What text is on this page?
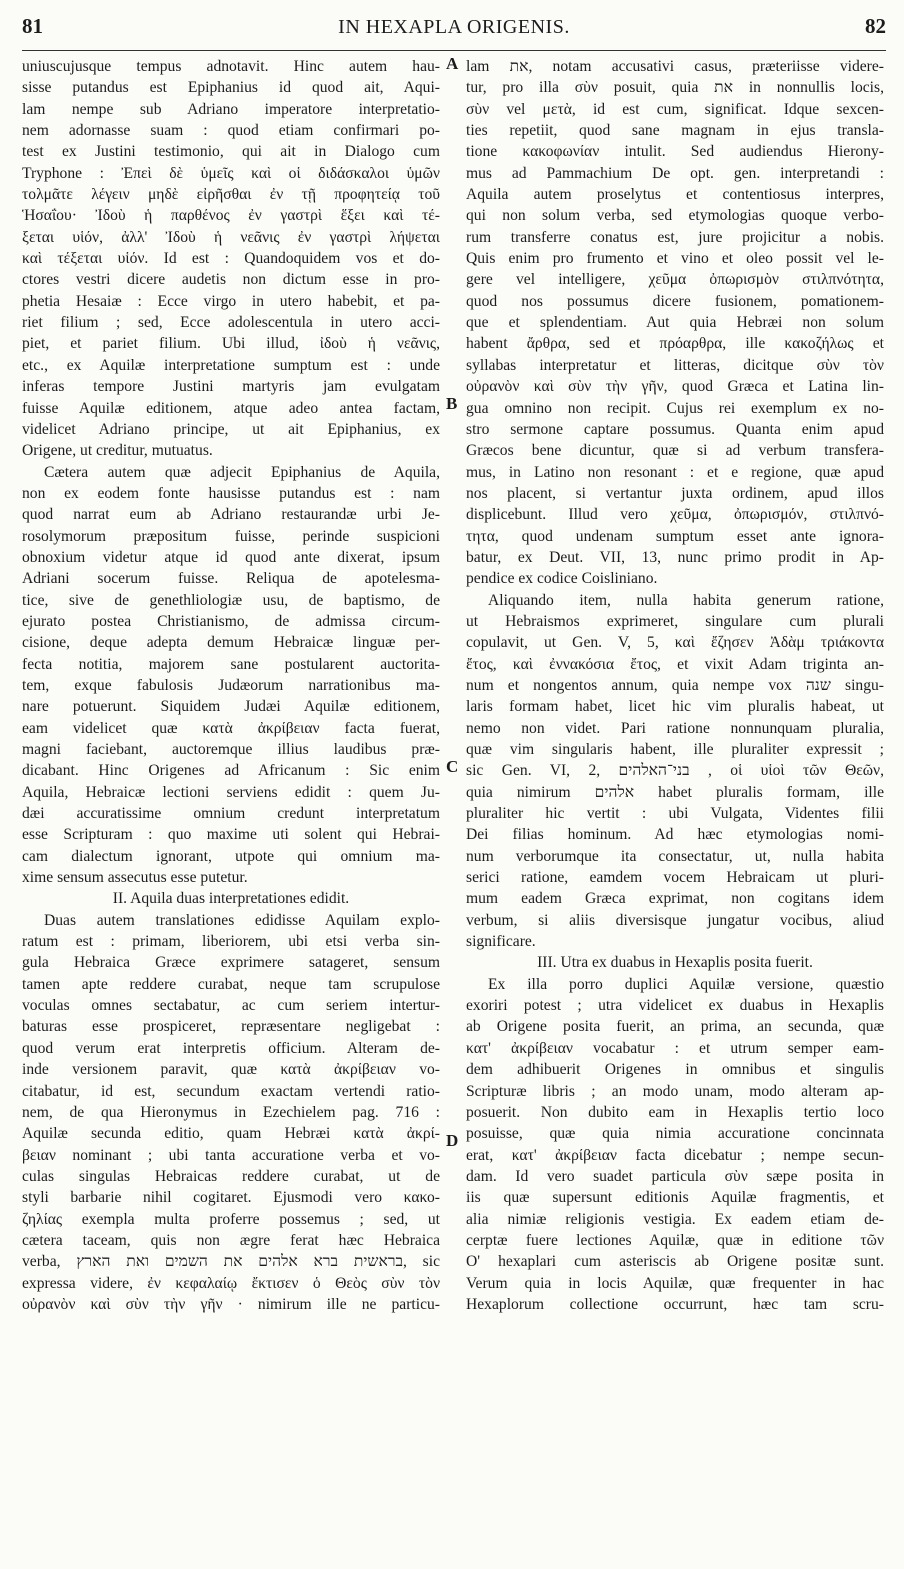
81	IN HEXAPLA ORIGENIS.	82

uniuscujusque tempus adnotavit. Hinc autem hau-

sisse putandus est Epiphanius id quod ait, Aqui-

lam nempe sub Adriano imperatore interpretatio-

nem adornasse suam : quod etiam confirmari po-

test ex Justini testimonio, qui ait in Dialogo cum

Tryphone : Ἐπεὶ δὲ ὑμεῖς καὶ οἱ διδάσκαλοι ὑμῶν

τολμᾶτε λέγειν μηδὲ εἰρῆσθαι ἐν τῇ προφητείᾳ τοῦ

Ἡσαΐου· Ἰδοὺ ἡ παρθένος ἐν γαστρὶ ἕξει καὶ τέ-

ξεται υἱόν, ἀλλ' Ἰδοὺ ἡ νεᾶνις ἐν γαστρὶ λήψεται

καὶ τέξεται υἱόν. Id est : Quandoquidem vos et do-

ctores vestri dicere audetis non dictum esse in pro-

phetia Hesaiæ : Ecce virgo in utero habebit, et pa-

riet filium ; sed, Ecce adolescentula in utero acci-

piet, et pariet filium. Ubi illud, ἰδοὺ ἡ νεᾶνις,

etc., ex Aquilæ interpretatione sumptum est : unde

inferas tempore Justini martyris jam evulgatam

fuisse Aquilæ editionem, atque adeo antea factam,

videlicet Adriano principe, ut ait Epiphanius, ex

Origene, ut creditur, mutuatus.

Cætera autem quæ adjecit Epiphanius de Aquila,

non ex eodem fonte hausisse putandus est : nam

quod narrat eum ab Adriano restaurandæ urbi Je-

rosolymorum præpositum fuisse, perinde suspicioni

obnoxium videtur atque id quod ante dixerat, ipsum

Adriani socerum fuisse. Reliqua de apotelesma-

tice, sive de genethliologiæ usu, de baptismo, de

ejurato postea Christianismo, de admissa circum-

cisione, deque adepta demum Hebraicæ linguæ per-

fecta notitia, majorem sane postularent auctorita-

tem, exque fabulosis Judæorum narrationibus ma-

nare potuerunt. Siquidem Judæi Aquilæ editionem,

eam videlicet quæ κατὰ ἀκρίβειαν facta fuerat,

magni faciebant, auctoremque illius laudibus præ-

dicabant. Hinc Origenes ad Africanum : Sic enim

Aquila, Hebraicæ lectioni serviens edidit : quem Ju-

dæi accuratissime omnium credunt interpretatum

esse Scripturam : quo maxime uti solent qui Hebrai-

cam dialectum ignorant, utpote qui omnium ma-

xime sensum assecutus esse putetur.

II. Aquila duas interpretationes edidit.

Duas autem translationes edidisse Aquilam explo-

ratum est : primam, liberiorem, ubi etsi verba sin-

gula Hebraica Græce exprimere satageret, sensum

tamen apte reddere curabat, neque tam scrupulose

voculas omnes sectabatur, ac cum seriem intertur-

baturas esse prospiceret, repræsentare negligebat :

quod verum erat interpretis officium. Alteram de-

inde versionem paravit, quæ κατὰ ἀκρίβειαν vo-

citabatur, id est, secundum exactam vertendi ratio-

nem, de qua Hieronymus in Ezechielem pag. 716 :

Aquilæ secunda editio, quam Hebræi κατὰ ἀκρί-

βειαν nominant ; ubi tanta accuratione verba et vo-

culas singulas Hebraicas reddere curabat, ut de

styli barbarie nihil cogitaret. Ejusmodi vero κακο-

ζηλίας exempla multa proferre possemus ; sed, ut

cætera taceam, quis non ægre ferat hæc Hebraica

verba, בראשית ברא אלהים את השמים ואת הארץ, sic

expressa videre, ἐν κεφαλαίῳ ἔκτισεν ὁ Θεὸς σὺν τὸν

οὐρανὸν καὶ σὺν τὴν γῆν · nimirum ille ne particu-

lam את, notam accusativi casus, præteriisse videre-

tur, pro illa σὺν posuit, quia את in nonnullis locis,

σὺν vel μετὰ, id est cum, significat. Idque sexcen-

ties repetiit, quod sane magnam in ejus transla-

tione κακοφωνίαν intulit. Sed audiendus Hierony-

mus ad Pammachium De opt. gen. interpretandi :

Aquila autem proselytus et contentiosus interpres,

qui non solum verba, sed etymologias quoque verbo-

rum transferre conatus est, jure projicitur a nobis.

Quis enim pro frumento et vino et oleo possit vel le-

gere vel intelligere, χεῦμα ὀπωρισμὸν στιλπνότητα,

quod nos possumus dicere fusionem, pomationem-

que et splendentiam. Aut quia Hebræi non solum

habent ἄρθρα, sed et πρόαρθρα, ille κακοζήλως et

syllabas interpretatur et litteras, dicitque σὺν τὸν

οὐρανὸν καὶ σὺν τὴν γῆν, quod Græca et Latina lin-

gua omnino non recipit. Cujus rei exemplum ex no-

stro sermone captare possumus. Quanta enim apud

Græcos bene dicuntur, quæ si ad verbum transfera-

mus, in Latino non resonant : et e regione, quæ apud

nos placent, si vertantur juxta ordinem, apud illos

displicebunt. Illud vero χεῦμα, ὀπωρισμόν, στιλπνό-

τητα, quod undenam sumptum esset ante ignora-

batur, ex Deut. VII, 13, nunc primo prodit in Ap-

pendice ex codice Coisliniano.

Aliquando item, nulla habita generum ratione,

ut Hebraismos exprimeret, singulare cum plurali

copulavit, ut Gen. V, 5, καὶ ἔζησεν Ἀδὰμ τριάκοντα

ἔτος, καὶ ἐννακόσια ἔτος, et vixit Adam triginta an-

num et nongentos annum, quia nempe vox שנה singu-

laris formam habet, licet hic vim pluralis habeat, ut

nemo non videt. Pari ratione nonnunquam pluralia,

quæ vim singularis habent, ille pluraliter expressit ;

sic Gen. VI, 2, בני־האלהים , οἱ υἱοὶ τῶν Θεῶν,

quia nimirum אלהים habet pluralis formam, ille

pluraliter hic vertit : ubi Vulgata, Videntes filii

Dei filias hominum. Ad hæc etymologias nomi-

num verborumque ita consectatur, ut, nulla habita

serici ratione, eamdem vocem Hebraicam ut pluri-

mum eadem Græca exprimat, non cogitans idem

verbum, si aliis diversisque jungatur vocibus, aliud

significare.

III. Utra ex duabus in Hexaplis posita fuerit.

Ex illa porro duplici Aquilæ versione, quæstio

exoriri potest ; utra videlicet ex duabus in Hexaplis

ab Origene posita fuerit, an prima, an secunda, quæ

κατ' ἀκρίβειαν vocabatur : et utrum semper eam-

dem adhibuerit Origenes in omnibus et singulis

Scripturæ libris ; an modo unam, modo alteram ap-

posuerit. Non dubito eam in Hexaplis tertio loco

posuisse, quæ quia nimia accuratione concinnata

erat, κατ' ἀκρίβειαν facta dicebatur ; nempe secun-

dam. Id vero suadet particula σὺν sæpe posita in

iis quæ supersunt editionis Aquilæ fragmentis, et

alia nimiæ religionis vestigia. Ex eadem etiam de-

cerptæ fuere lectiones Aquilæ, quæ in editione τῶν

Ο' hexaplari cum asteriscis ab Origene positæ sunt.

Verum quia in locis Aquilæ, quæ frequenter in hac

Hexaplorum collectione occurrunt, hæc tam scru-

A
B
C
D
